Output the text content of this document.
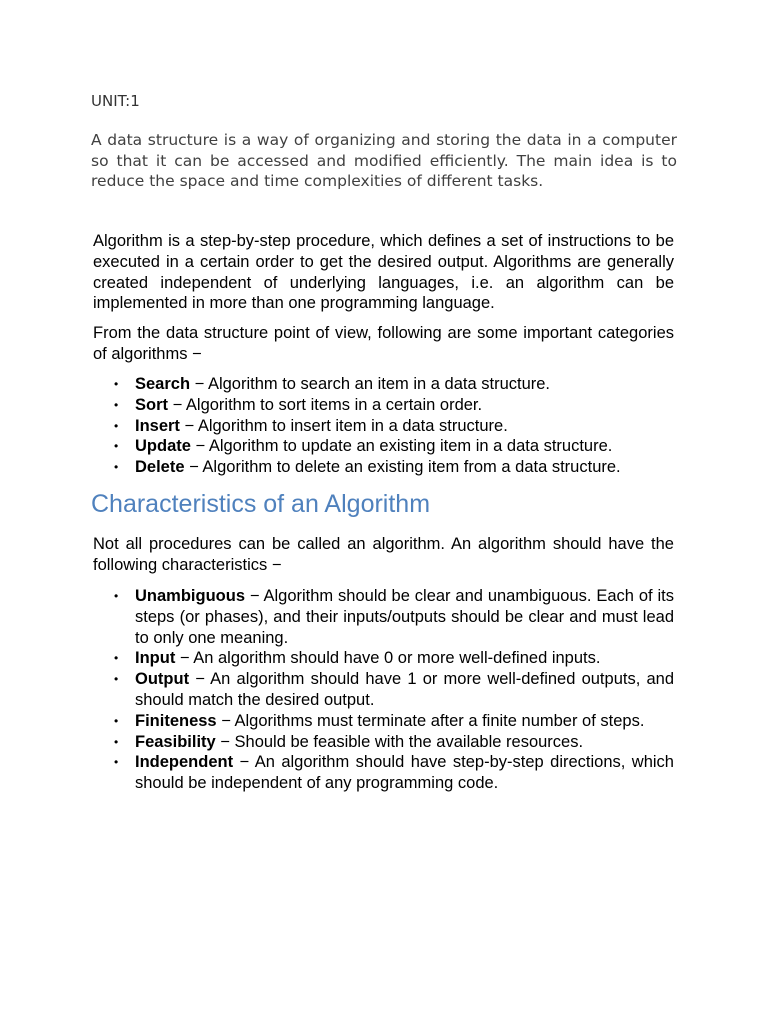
UNIT:1

A data structure is a way of organizing and storing the data in a computer so that it can be accessed and modified efficiently. The main idea is to reduce the space and time complexities of different tasks.

Algorithm is a step-by-step procedure, which defines a set of instructions to be executed in a certain order to get the desired output. Algorithms are generally created independent of underlying languages, i.e. an algorithm can be implemented in more than one programming language.

From the data structure point of view, following are some important categories of algorithms −

•	Search − Algorithm to search an item in a data structure.
•	Sort − Algorithm to sort items in a certain order.
•	Insert − Algorithm to insert item in a data structure.
•	Update − Algorithm to update an existing item in a data structure.
•	Delete − Algorithm to delete an existing item from a data structure.
Characteristics of an Algorithm

Not all procedures can be called an algorithm. An algorithm should have the following characteristics −

•	Unambiguous − Algorithm should be clear and unambiguous. Each of its steps (or phases), and their inputs/outputs should be clear and must lead to only one meaning.
•	Input − An algorithm should have 0 or more well-defined inputs.
•	Output − An algorithm should have 1 or more well-defined outputs, and should match the desired output.
•	Finiteness − Algorithms must terminate after a finite number of steps.
•	Feasibility − Should be feasible with the available resources.
•	Independent − An algorithm should have step-by-step directions, which should be independent of any programming code.
